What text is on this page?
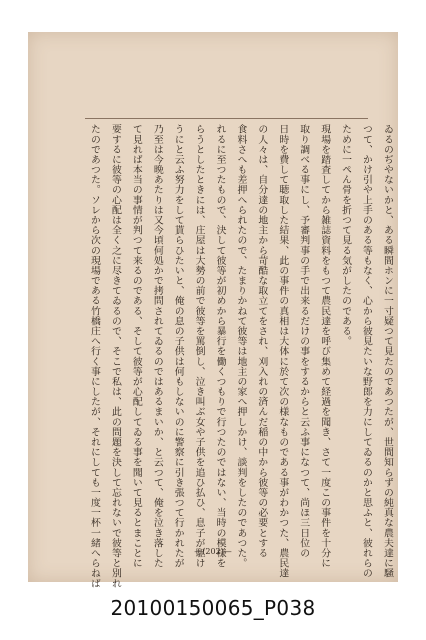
ゐるのぢやないかと、ある瞬間ホンに一寸疑つて見たのであつたが、世間知らずの純真な農夫達に騒
つて、かけ引や上手のある等もなく、心から彼見たいな野郎を力にしてゐるのかと思ふと、彼れらの
ために一ぺん骨を折つて見る気がしたのである。
現場を踏査してから雑誌資料をもつて農民達を呼び集めて経過を聞き、さて一度この事件を十分に
取り調べる事にし、予審判事の手で出来るだけの事をするからと云ふ事になつて、尚ほ三日位の
日時を費して聴取した結果、此の事件の真相は大体に於て次の様なものである事がわかつた、農民達
の人々は、自分達の地主から苛酷な取立てをされ、刈入れの済んだ稲の中から彼等の必要とする
食料さへも差押へられたので、たまりかねて彼等は地主の家へ押しかけ、談判をしたのであつた。
れるに至つたもので、決して彼等が初めから暴行を働くつもりで行つたのではない、当時の模様を
らうとしたときには、庄屋は大勢の前で彼等を罵倒し、泣き叫ぶ女や子供を追ひ払ひ、息子が駆け
うにと云ふ努力をして貰らひたいと、俺の息の子供は何もしないのに警察に引き張つて行かれたが
乃至は今晩あたりは又今頃何処かで拷問されてゐるのではあるまいか、と云つて、俺を泣き落した
て見れば本当の事情が判つて来るのである、そして彼等が心配してゐる事を聞いて見るとまことに
要するに彼等の心配は全く之に尽きてゐるので、そこで私は、此の問題を決して忘れないで彼等と別れ
たのであつた。ソレから次の現場である竹橋庄へ行く事にしたが、それにしても一度一杯一緒へらねば	—(202)—
20100150065_P038
